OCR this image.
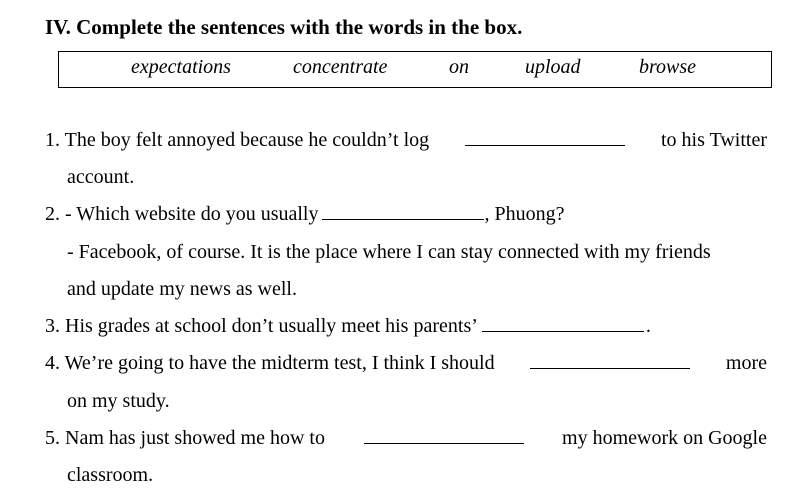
IV. Complete the sentences with the words in the box.
expectations	concentrate	on	upload	browse
1. The boy felt annoyed because he couldn’t log	to his Twitter
account.
2.
- Which website do you usually	, Phuong?
- Facebook, of course. It is the place where I can stay connected with my friends
and update my news as well.
3.
His grades at school don’t usually meet his parents’	.
4. We’re going to have the midterm test, I think I should	more
on my study.
5. Nam has just showed me how to	my homework on Google
classroom.
